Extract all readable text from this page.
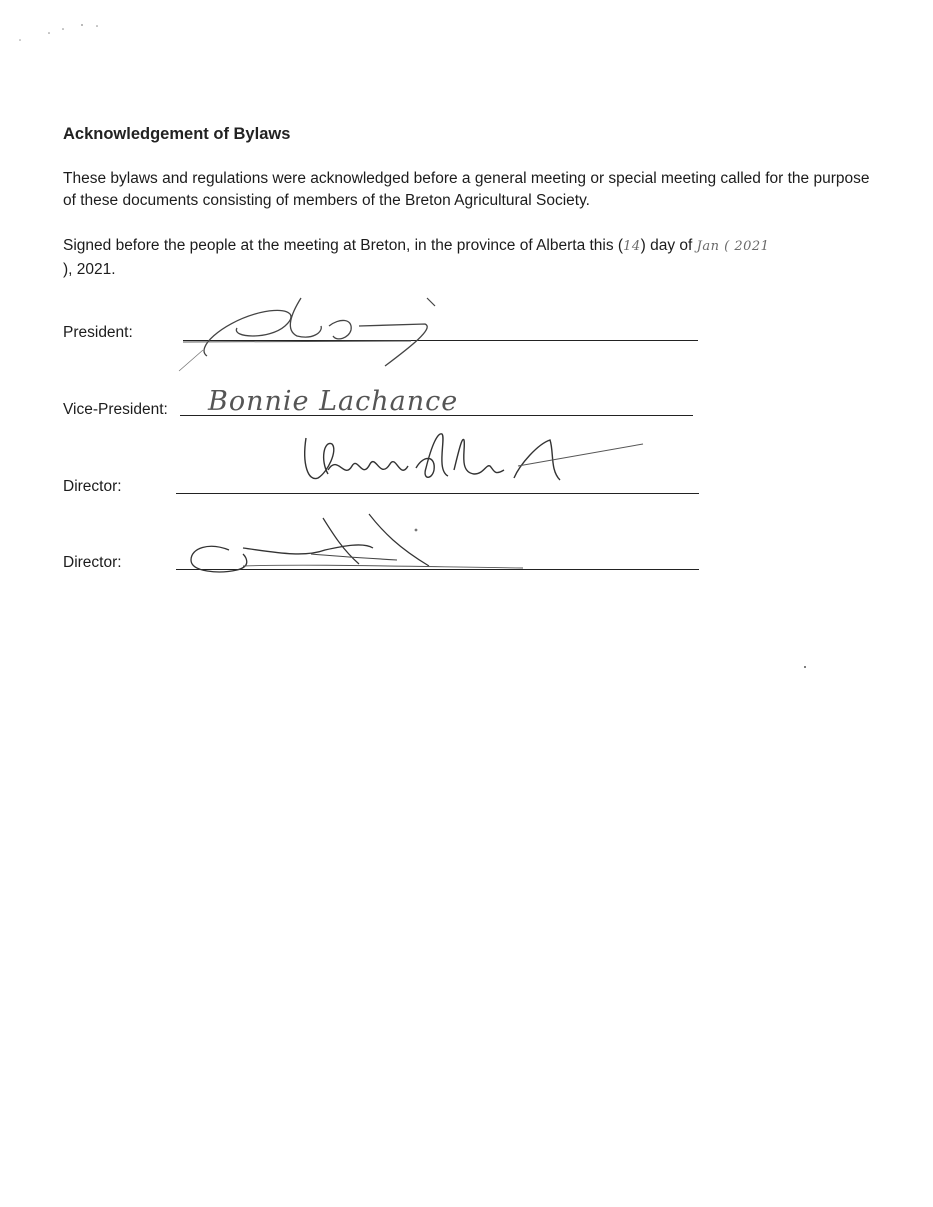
Acknowledgement of Bylaws
These bylaws and regulations were acknowledged before a general meeting or special meeting called for the purpose of these documents consisting of members of the Breton Agricultural Society.
Signed before the people at the meeting at Breton, in the province of Alberta this (14) day of Jan ( 2021
), 2021.
President:
Vice-President: Bonnie Lachance
Director:
Director:
